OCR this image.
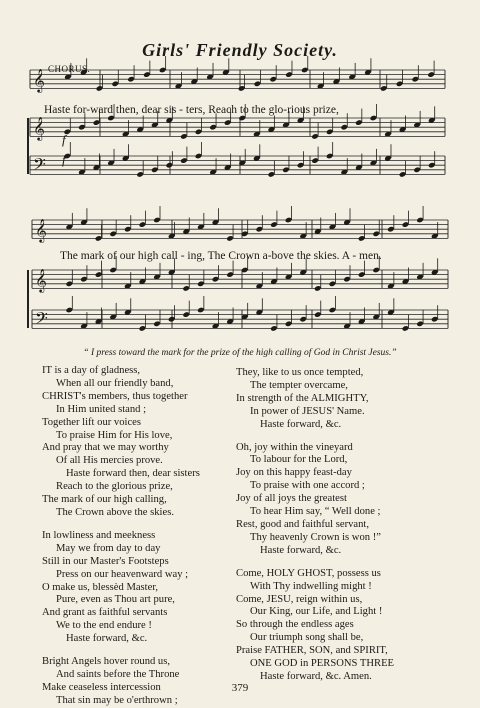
Girls' Friendly Society.
𝄞
𝄞
𝄢
𝄞
𝄞
𝄢
CHORUS.
f
f
Haste for-ward then, dear sis - ters, Reach to the glo-rious prize,
The mark of our high call - ing, The Crown a-bove the skies. A - men.
“ I press toward the mark for the prize of the high calling of God in Christ Jesus.”
IT is a day of gladness,
When all our friendly band,
CHRIST's members, thus together
In Him united stand ;
Together lift our voices
To praise Him for His love,
And pray that we may worthy
Of all His mercies prove.
Haste forward then, dear sisters
Reach to the glorious prize,
The mark of our high calling,
The Crown above the skies.
In lowliness and meekness
May we from day to day
Still in our Master's Footsteps
Press on our heavenward way ;
O make us, blessèd Master,
Pure, even as Thou art pure,
And grant as faithful servants
We to the end endure !
Haste forward, &c.
Bright Angels hover round us,
And saints before the Throne
Make ceaseless intercession
That sin may be o'erthrown ;
They, like to us once tempted,
The tempter overcame,
In strength of the ALMIGHTY,
In power of JESUS' Name.
Haste forward, &c.
Oh, joy within the vineyard
To labour for the Lord,
Joy on this happy feast-day
To praise with one accord ;
Joy of all joys the greatest
To hear Him say, “ Well done ;
Rest, good and faithful servant,
Thy heavenly Crown is won !”
Haste forward, &c.
Come, HOLY GHOST, possess us
With Thy indwelling might !
Come, JESU, reign within us,
Our King, our Life, and Light !
So through the endless ages
Our triumph song shall be,
Praise FATHER, SON, and SPIRIT,
ONE GOD in PERSONS THREE
Haste forward, &c. Amen.
379
